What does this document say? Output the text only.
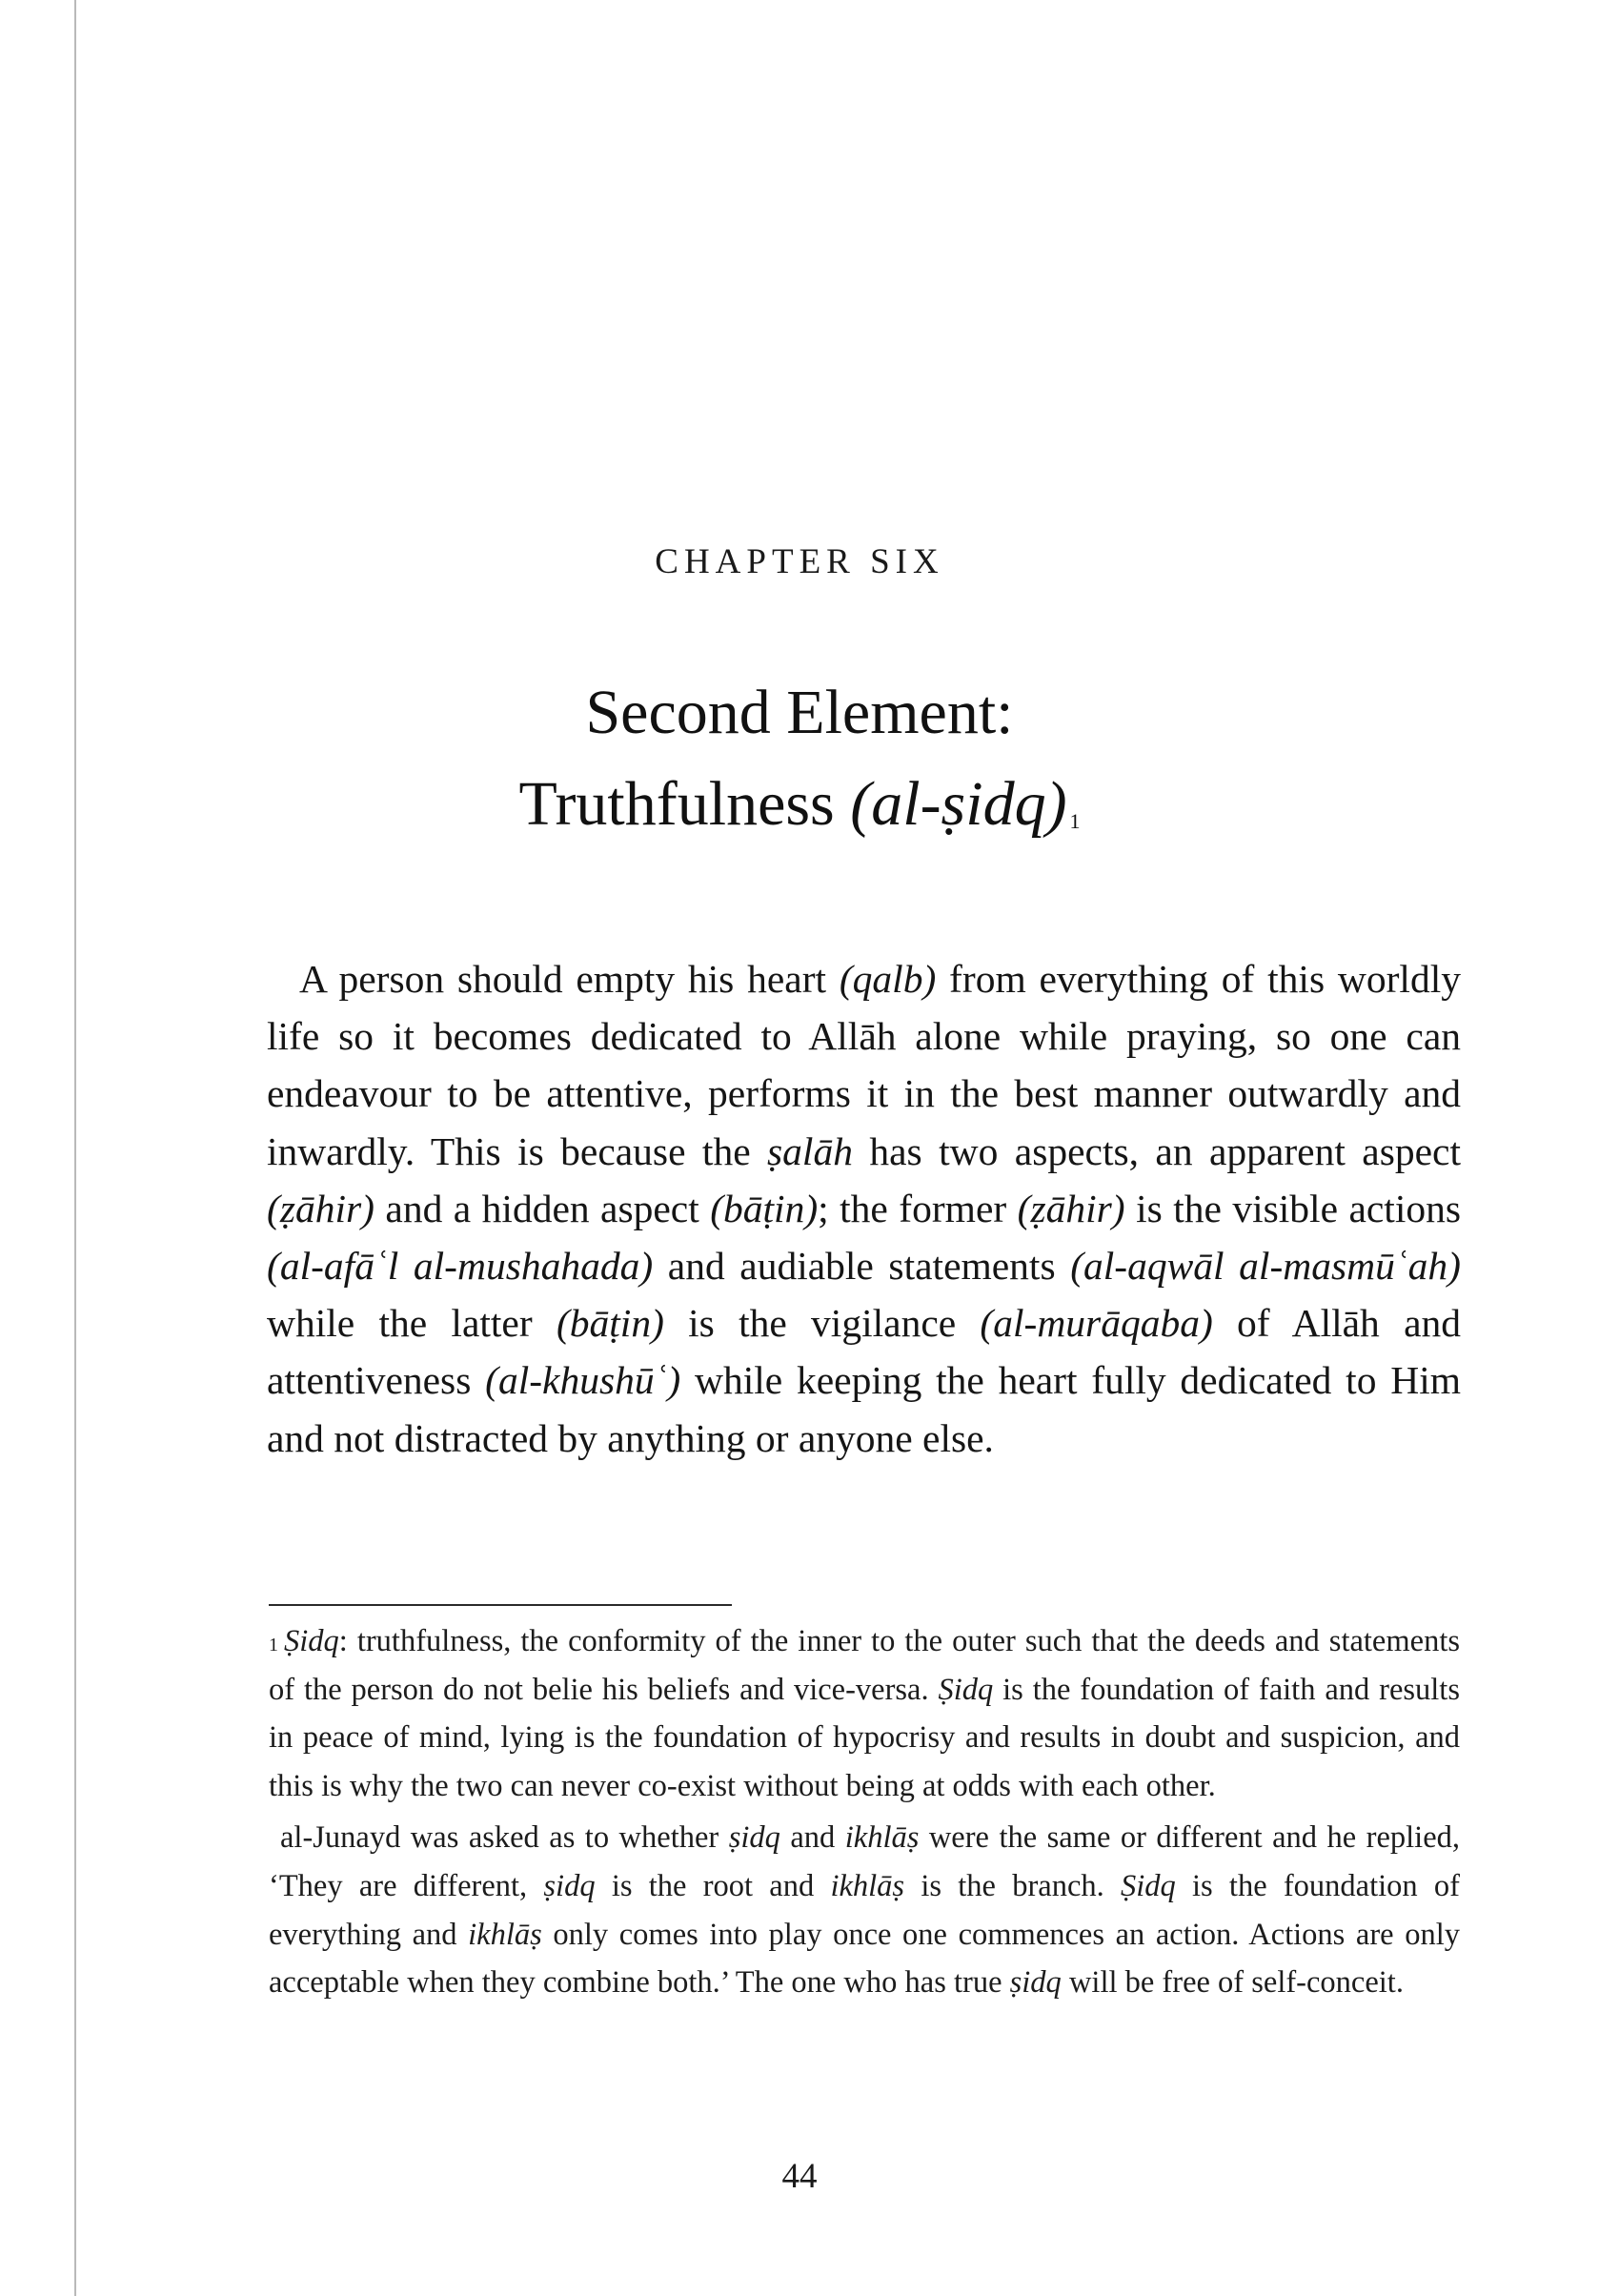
CHAPTER SIX
Second Element:
Truthfulness (al-ṣidq) $^1$

A person should empty his heart (qalb) from everything of this worldly life so it becomes dedicated to Allāh alone while praying, so one can endeavour to be attentive, performs it in the best manner outwardly and inwardly. This is because the ṣalāh has two aspects, an apparent aspect (ẓāhir) and a hidden aspect (bāṭin); the former (ẓāhir) is the visible actions (al-afāʿl al-mushahada) and audiable statements (al-aqwāl al-masmūʿah) while the latter (bāṭin) is the vigilance (al-murāqaba) of Allāh and attentiveness (al-khushūʿ) while keeping the heart fully dedicated to Him and not distracted by anything or anyone else.

$^1$ Ṣidq: truthfulness, the conformity of the inner to the outer such that the deeds and statements of the person do not belie his beliefs and vice-versa. Ṣidq is the foundation of faith and results in peace of mind, lying is the foundation of hypocrisy and results in doubt and suspicion, and this is why the two can never co-exist without being at odds with each other.

al-Junayd was asked as to whether ṣidq and ikhlāṣ were the same or different and he replied, ‘They are different, ṣidq is the root and ikhlāṣ is the branch. Ṣidq is the foundation of everything and ikhlāṣ only comes into play once one commences an action. Actions are only acceptable when they combine both.’ The one who has true ṣidq will be free of self-conceit.

44
